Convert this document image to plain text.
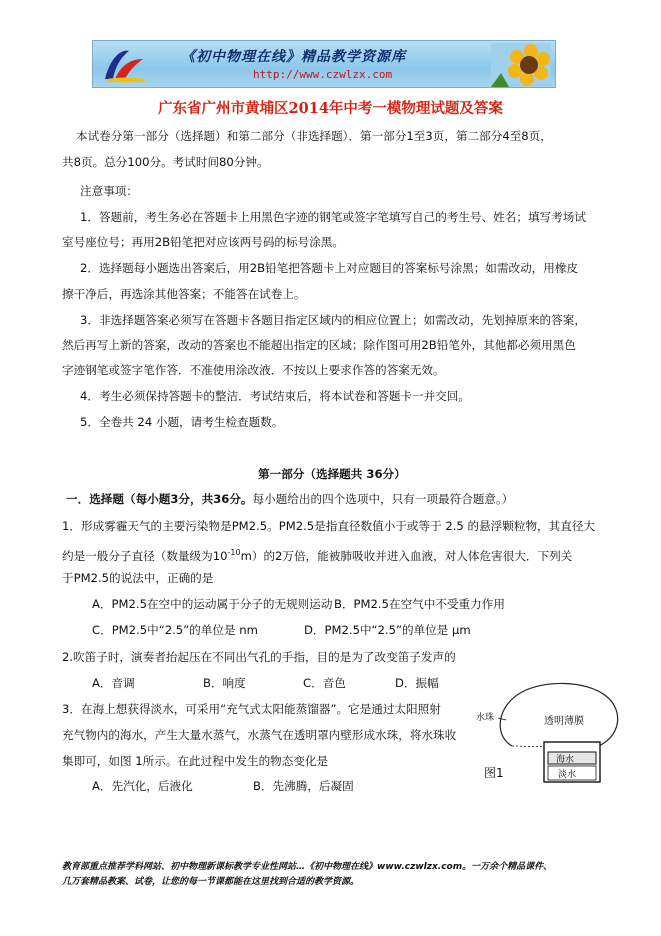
《初中物理在线》精品教学资源库
http://www.czwlzx.com
广东省广州市黄埔区2014年中考一模物理试题及答案
本试卷分第一部分（选择题）和第二部分（非选择题）．第一部分1至3页，第二部分4至8页，
共8页。总分100分。考试时间80分钟。
注意事项：
1．答题前，考生务必在答题卡上用黑色字迹的钢笔或签字笔填写自己的考生号、姓名；填写考场试
室号座位号；再用2B铅笔把对应该两号码的标号涂黑。
2．选择题每小题选出答案后，用2B铅笔把答题卡上对应题目的答案标号涂黑；如需改动，用橡皮
擦干净后，再选涂其他答案；不能答在试卷上。
3．非选择题答案必须写在答题卡各题目指定区域内的相应位置上；如需改动，先划掉原来的答案，
然后再写上新的答案，改动的答案也不能超出指定的区域；除作图可用2B铅笔外，其他都必须用黑色
字迹钢笔或签字笔作答．不准使用涂改液．不按以上要求作答的答案无效。
4．考生必须保持答题卡的整洁．考试结束后，将本试卷和答题卡一并交回。
5．全卷共 24 小题，请考生检查题数。
第一部分（选择题共 36分）
一．选择题（每小题3分，共36分。每小题给出的四个选项中，只有一项最符合题意。）
1．形成雾霾天气的主要污染物是PM2.5。PM2.5是指直径数值小于或等于 2.5 的悬浮颗粒物，其直径大
约是一般分子直径（数量级为$10^{-10}m$）的2万倍，能被肺吸收并进入血液，对人体危害很大．下列关
于PM2.5的说法中，正确的是
A．PM2.5在空中的运动属于分子的无规则运动 B．PM2.5在空气中不受重力作用
C．PM2.5中“2.5”的单位是 nm	D．PM2.5中“2.5”的单位是 μm
2.吹笛子时，演奏者抬起压在不同出气孔的手指，目的是为了改变笛子发声的
A．音调	B．响度	C．音色	D．振幅
3．在海上想获得淡水，可采用“充气式太阳能蒸馏器”。它是通过太阳照射
充气物内的海水，产生大量水蒸气，水蒸气在透明罩内壁形成水珠，将水珠收
集即可，如图 1所示。在此过程中发生的物态变化是
A．先汽化，后液化	B．先沸腾，后凝固
透明薄膜
水珠
海水
淡水
图1
教育部重点推荐学科网站、初中物理新课标教学专业性网站…《初中物理在线》www.czwlzx.com。一万余个精品课件、
几万套精品教案、试卷，让您的每一节课都能在这里找到合适的教学资源。
